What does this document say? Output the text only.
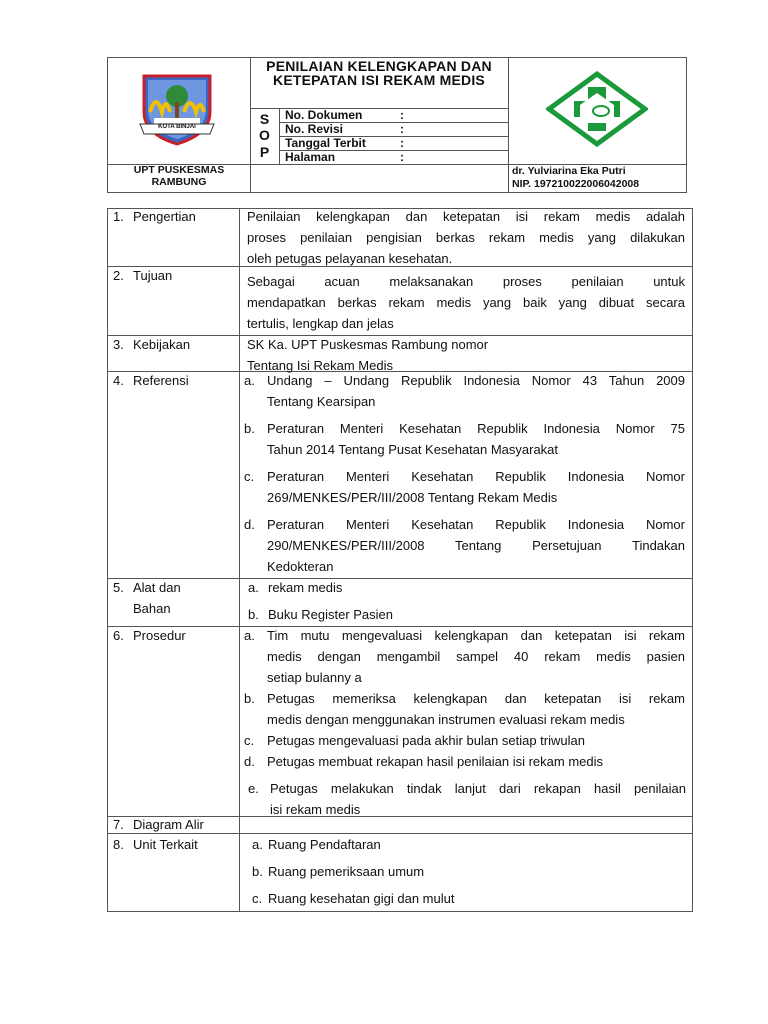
KOTA BINJAI
PENILAIAN KELENGKAPAN DAN KETEPATAN ISI REKAM MEDIS
S
O
P
No. Dokumen	:
No. Revisi	:
Tanggal Terbit	:
Halaman	:
UPT PUSKESMAS RAMBUNG
dr. Yulviarina Eka Putri
NIP. 197210022006042008
1. Pengertian	Penilaian kelengkapan dan ketepatan isi rekam medis adalah
proses penilaian pengisian berkas rekam medis yang dilakukan
oleh petugas pelayanan kesehatan.
2. Tujuan	Sebagai acuan melaksanakan proses penilaian untuk
mendapatkan berkas rekam medis yang baik yang dibuat secara
tertulis, lengkap dan jelas
3. Kebijakan	SK Ka. UPT Puskesmas Rambung nomor
Tentang Isi Rekam Medis
4. Referensi	a. Undang – Undang Republik Indonesia Nomor 43 Tahun 2009
Tentang Kearsipan
b. Peraturan Menteri Kesehatan Republik Indonesia Nomor 75
Tahun 2014 Tentang Pusat Kesehatan Masyarakat
c. Peraturan Menteri Kesehatan Republik Indonesia Nomor
269/MENKES/PER/III/2008 Tentang Rekam Medis
d. Peraturan Menteri Kesehatan Republik Indonesia Nomor
290/MENKES/PER/III/2008 Tentang Persetujuan Tindakan
Kedokteran
5. Alat dan
Bahan
a. rekam medis
b. Buku Register Pasien
6. Prosedur	a. Tim mutu mengevaluasi kelengkapan dan ketepatan isi rekam
medis dengan mengambil sampel 40 rekam medis pasien
setiap bulanny a
b. Petugas memeriksa kelengkapan dan ketepatan isi rekam
medis dengan menggunakan instrumen evaluasi rekam medis
c. Petugas mengevaluasi pada akhir bulan setiap triwulan
d. Petugas membuat rekapan hasil penilaian isi rekam medis
e. Petugas melakukan tindak lanjut dari rekapan hasil penilaian
isi rekam medis
7. Diagram Alir
8. Unit Terkait	a. Ruang Pendaftaran
b. Ruang pemeriksaan umum
c. Ruang kesehatan gigi dan mulut
